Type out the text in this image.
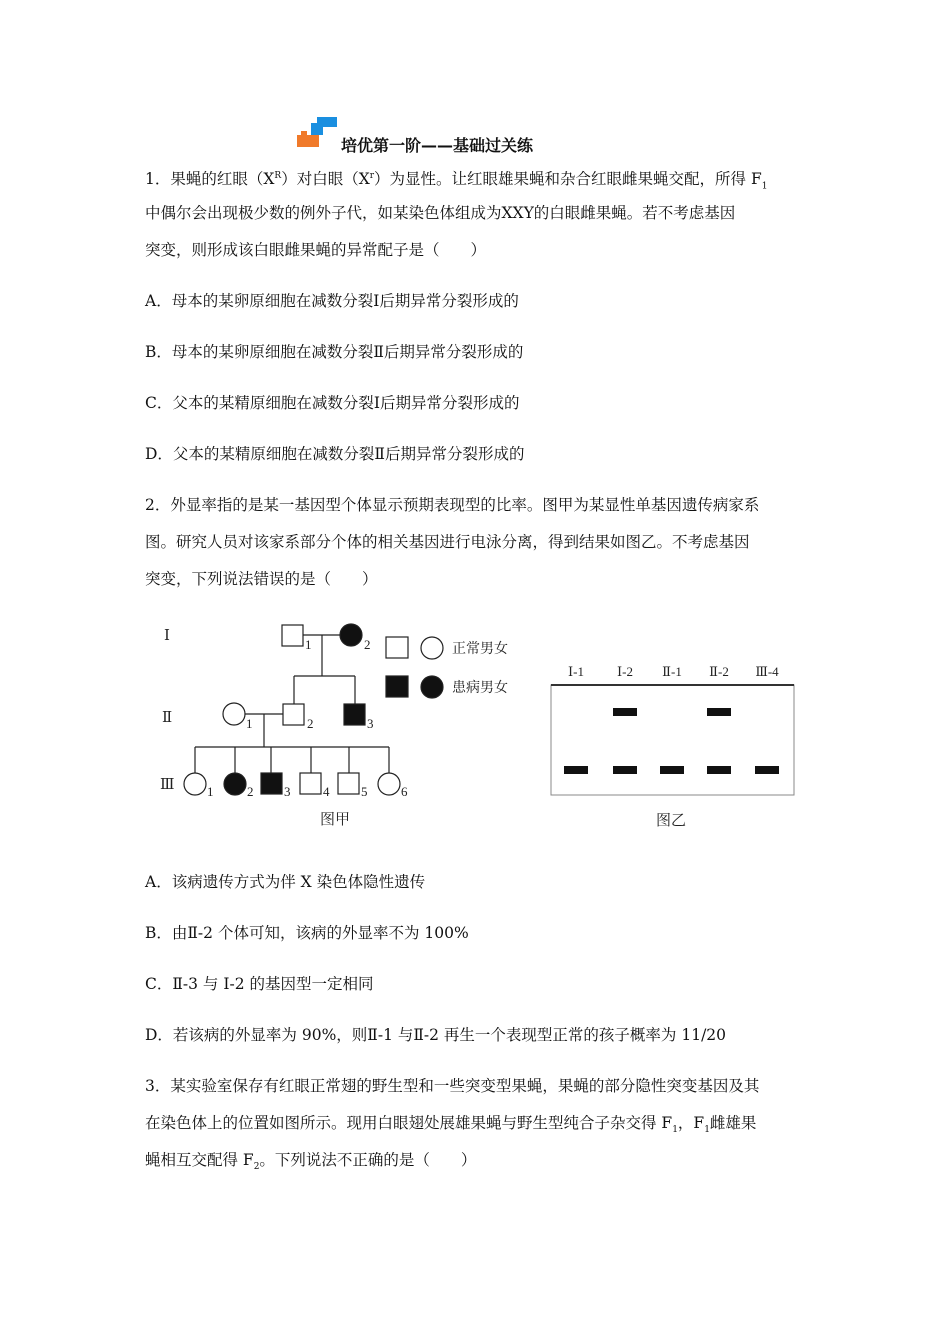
培优第一阶——基础过关练
1．果蝇的红眼$(X^R)$对白眼$(X^r)$为显性。让红眼雄果蝇和杂合红眼雌果蝇交配，所得 $F_1$
中偶尔会出现极少数的例外子代，如某染色体组成为XXY的白眼雌果蝇。若不考虑基因
突变，则形成该白眼雌果蝇的异常配子是（　　）
A．母本的某卵原细胞在减数分裂Ⅰ后期异常分裂形成的
B．母本的某卵原细胞在减数分裂Ⅱ后期异常分裂形成的
C．父本的某精原细胞在减数分裂Ⅰ后期异常分裂形成的
D．父本的某精原细胞在减数分裂Ⅱ后期异常分裂形成的
2．外显率指的是某一基因型个体显示预期表现型的比率。图甲为某显性单基因遗传病家系
图。研究人员对该家系部分个体的相关基因进行电泳分离，得到结果如图乙。不考虑基因
突变，下列说法错误的是（　　）
Ⅰ
Ⅱ
Ⅲ
1	2
1	2	3
1	2 3	4 5	6
正常男女
患病男女
图甲	图乙
Ⅰ-1	Ⅰ-2 Ⅱ-1 Ⅱ-2 Ⅲ-4
A．该病遗传方式为伴 X 染色体隐性遗传
B．由Ⅱ-2 个体可知，该病的外显率不为 100%
C．Ⅱ-3 与 I-2 的基因型一定相同
D．若该病的外显率为 90%，则Ⅱ-1 与Ⅱ-2 再生一个表现型正常的孩子概率为 11/20
3．某实验室保存有红眼正常翅的野生型和一些突变型果蝇，果蝇的部分隐性突变基因及其
在染色体上的位置如图所示。现用白眼翅处展雄果蝇与野生型纯合子杂交得 $F_1$，$F_1$雌雄果
蝇相互交配得 $F_2$。下列说法不正确的是（　　）
